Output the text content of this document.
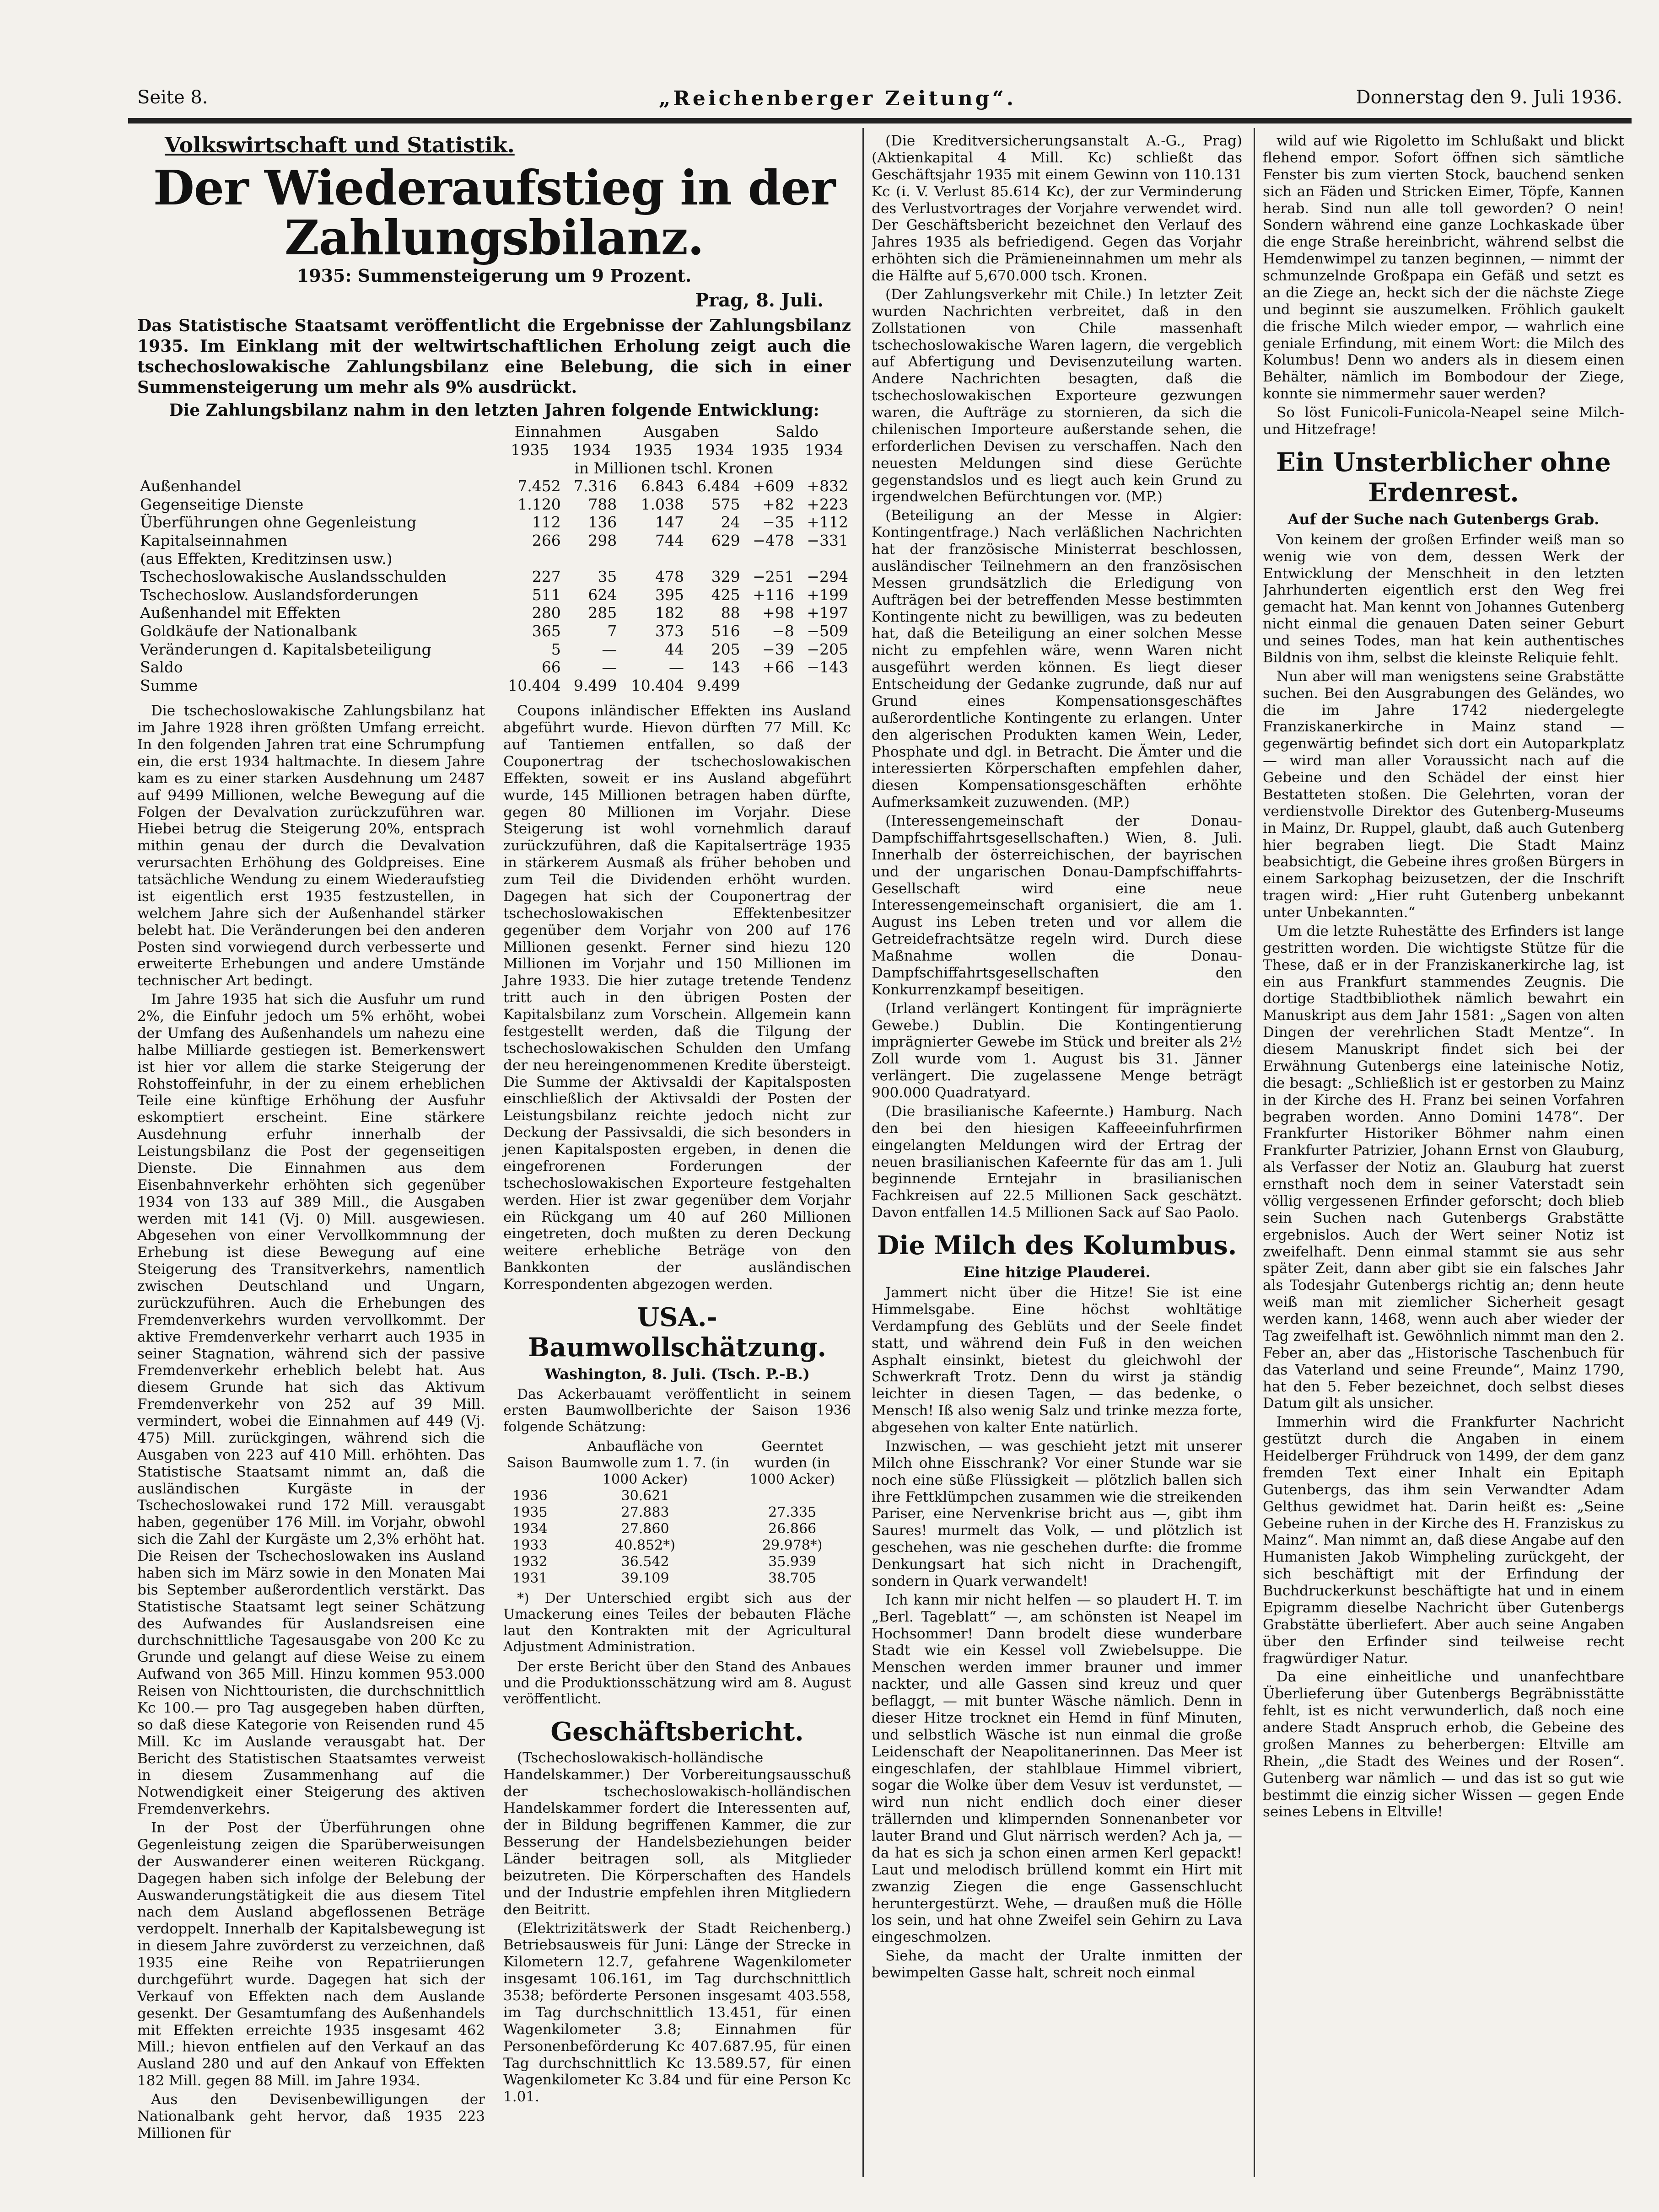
Seite 8.	„Reichenberger Zeitung“.	Donnerstag den 9. Juli 1936.
Volkswirtschaft und Statistik.
Der Wiederaufstieg in der Zahlungsbilanz.
1935: Summensteigerung um 9 Prozent.
Prag, 8. Juli.

Das Statistische Staatsamt veröffentlicht die Ergebnisse der Zahlungsbilanz 1935. Im Einklang mit der weltwirtschaftlichen Erholung zeigt auch die tschechoslowakische Zahlungsbilanz eine Belebung, die sich in einer Summensteigerung um mehr als 9% ausdrückt.

Die Zahlungsbilanz nahm in den letzten Jahren folgende Entwicklung:
	Einnahmen		Ausgaben		Saldo	
	1935	1934	1935	1934	1935	1934
	in Millionen tschl. Kronen					
Außenhandel	7.452	7.316	6.843	6.484	+609	+832
Gegenseitige Dienste	1.120	788	1.038	575	+82	+223
Überführungen ohne Gegenleistung	112	136	147	24	−35	+112
Kapitalseinnahmen	266	298	744	629	−478	−331
(aus Effekten, Kreditzinsen usw.)						
Tschechoslowakische Auslandsschulden	227	35	478	329	−251	−294
Tschechoslow. Auslandsforderungen	511	624	395	425	+116	+199
Außenhandel mit Effekten	280	285	182	88	+98	+197
Goldkäufe der Nationalbank	365	7	373	516	−8	−509
Veränderungen d. Kapitalsbeteiligung	5	—	44	205	−39	−205
Saldo	66	—	—	143	+66	−143
Summe	10.404	9.499	10.404	9.499		

Die tschechoslowakische Zahlungsbilanz hat im Jahre 1928 ihren größten Umfang erreicht. In den folgenden Jahren trat eine Schrumpfung ein, die erst 1934 haltmachte. In diesem Jahre kam es zu einer starken Ausdehnung um 2487 auf 9499 Millionen, welche Bewegung auf die Folgen der Devalvation zurückzuführen war. Hiebei betrug die Steigerung 20%, entsprach mithin genau der durch die Devalvation verursachten Erhöhung des Goldpreises. Eine tatsächliche Wendung zu einem Wiederaufstieg ist eigentlich erst 1935 festzustellen, in welchem Jahre sich der Außenhandel stärker belebt hat. Die Veränderungen bei den anderen Posten sind vorwiegend durch verbesserte und erweiterte Erhebungen und andere Umstände technischer Art bedingt.

Im Jahre 1935 hat sich die Ausfuhr um rund 2%, die Einfuhr jedoch um 5% erhöht, wobei der Umfang des Außenhandels um nahezu eine halbe Milliarde gestiegen ist. Bemerkenswert ist hier vor allem die starke Steigerung der Rohstoffeinfuhr, in der zu einem erheblichen Teile eine künftige Erhöhung der Ausfuhr eskomptiert erscheint. Eine stärkere Ausdehnung erfuhr innerhalb der Leistungsbilanz die Post der gegenseitigen Dienste. Die Einnahmen aus dem Eisenbahnverkehr erhöhten sich gegenüber 1934 von 133 auf 389 Mill., die Ausgaben werden mit 141 (Vj. 0) Mill. ausgewiesen. Abgesehen von einer Vervollkommnung der Erhebung ist diese Bewegung auf eine Steigerung des Transitverkehrs, namentlich zwischen Deutschland und Ungarn, zurückzuführen. Auch die Erhebungen des Fremdenverkehrs wurden vervollkommt. Der aktive Fremdenverkehr verharrt auch 1935 in seiner Stagnation, während sich der passive Fremdenverkehr erheblich belebt hat. Aus diesem Grunde hat sich das Aktivum Fremdenverkehr von 252 auf 39 Mill. vermindert, wobei die Einnahmen auf 449 (Vj. 475) Mill. zurückgingen, während sich die Ausgaben von 223 auf 410 Mill. erhöhten. Das Statistische Staatsamt nimmt an, daß die ausländischen Kurgäste in der Tschechoslowakei rund 172 Mill. verausgabt haben, gegenüber 176 Mill. im Vorjahr, obwohl sich die Zahl der Kurgäste um 2,3% erhöht hat. Die Reisen der Tschechoslowaken ins Ausland haben sich im März sowie in den Monaten Mai bis September außerordentlich verstärkt. Das Statistische Staatsamt legt seiner Schätzung des Aufwandes für Auslandsreisen eine durchschnittliche Tagesausgabe von 200 Kc zu Grunde und gelangt auf diese Weise zu einem Aufwand von 365 Mill. Hinzu kommen 953.000 Reisen von Nichttouristen, die durchschnittlich Kc 100.— pro Tag ausgegeben haben dürften, so daß diese Kategorie von Reisenden rund 45 Mill. Kc im Auslande verausgabt hat. Der Bericht des Statistischen Staatsamtes verweist in diesem Zusammenhang auf die Notwendigkeit einer Steigerung des aktiven Fremdenverkehrs.

In der Post der Überführungen ohne Gegenleistung zeigen die Sparüberweisungen der Auswanderer einen weiteren Rückgang. Dagegen haben sich infolge der Belebung der Auswanderungstätigkeit die aus diesem Titel nach dem Ausland abgeflossenen Beträge verdoppelt. Innerhalb der Kapitalsbewegung ist in diesem Jahre zuvörderst zu verzeichnen, daß 1935 eine Reihe von Repatriierungen durchgeführt wurde. Dagegen hat sich der Verkauf von Effekten nach dem Auslande gesenkt. Der Gesamtumfang des Außenhandels mit Effekten erreichte 1935 insgesamt 462 Mill.; hievon entfielen auf den Verkauf an das Ausland 280 und auf den Ankauf von Effekten 182 Mill. gegen 88 Mill. im Jahre 1934.

Aus den Devisenbewilligungen der Nationalbank geht hervor, daß 1935 223 Millionen für

Coupons inländischer Effekten ins Ausland abgeführt wurde. Hievon dürften 77 Mill. Kc auf Tantiemen entfallen, so daß der Couponertrag der tschechoslowakischen Effekten, soweit er ins Ausland abgeführt wurde, 145 Millionen betragen haben dürfte, gegen 80 Millionen im Vorjahr. Diese Steigerung ist wohl vornehmlich darauf zurückzuführen, daß die Kapitalserträge 1935 in stärkerem Ausmaß als früher behoben und zum Teil die Dividenden erhöht wurden. Dagegen hat sich der Couponertrag der tschechoslowakischen Effektenbesitzer gegenüber dem Vorjahr von 200 auf 176 Millionen gesenkt. Ferner sind hiezu 120 Millionen im Vorjahr und 150 Millionen im Jahre 1933. Die hier zutage tretende Tendenz tritt auch in den übrigen Posten der Kapitalsbilanz zum Vorschein. Allgemein kann festgestellt werden, daß die Tilgung der tschechoslowakischen Schulden den Umfang der neu hereingenommenen Kredite übersteigt. Die Summe der Aktivsaldi der Kapitalsposten einschließlich der Aktivsaldi der Posten der Leistungsbilanz reichte jedoch nicht zur Deckung der Passivsaldi, die sich besonders in jenen Kapitalsposten ergeben, in denen die eingefrorenen Forderungen der tschechoslowakischen Exporteure festgehalten werden. Hier ist zwar gegenüber dem Vorjahr ein Rückgang um 40 auf 260 Millionen eingetreten, doch mußten zu deren Deckung weitere erhebliche Beträge von den Bankkonten der ausländischen Korrespondenten abgezogen werden.

USA.-Baumwollschätzung.
Washington, 8. Juli. (Tsch. P.-B.)

Das Ackerbauamt veröffentlicht in seinem ersten Baumwollberichte der Saison 1936 folgende Schätzung:

Saison	Anbaufläche von Baumwolle zum 1. 7. (in 1000 Acker)	Geerntet wurden (in 1000 Acker)
1936	30.621	
1935	27.883	27.335
1934	27.860	26.866
1933	40.852*)	29.978*)
1932	36.542	35.939
1931	39.109	38.705

*) Der Unterschied ergibt sich aus der Umackerung eines Teiles der bebauten Fläche laut den Kontrakten mit der Agricultural Adjustment Administration.

Der erste Bericht über den Stand des Anbaues und die Produktionsschätzung wird am 8. August veröffentlicht.

Geschäftsbericht.

(Tschechoslowakisch-holländische Handelskammer.) Der Vorbereitungsausschuß der tschechoslowakisch-holländischen Handelskammer fordert die Interessenten auf, der in Bildung begriffenen Kammer, die zur Besserung der Handelsbeziehungen beider Länder beitragen soll, als Mitglieder beizutreten. Die Körperschaften des Handels und der Industrie empfehlen ihren Mitgliedern den Beitritt.

(Elektrizitätswerk der Stadt Reichenberg.) Betriebsausweis für Juni: Länge der Strecke in Kilometern 12.7, gefahrene Wagenkilometer insgesamt 106.161, im Tag durchschnittlich 3538; beförderte Personen insgesamt 403.558, im Tag durchschnittlich 13.451, für einen Wagenkilometer 3.8; Einnahmen für Personenbeförderung Kc 407.687.95, für einen Tag durchschnittlich Kc 13.589.57, für einen Wagenkilometer Kc 3.84 und für eine Person Kc 1.01.

(Die Kreditversicherungsanstalt A.-G., Prag) (Aktienkapital 4 Mill. Kc) schließt das Geschäftsjahr 1935 mit einem Gewinn von 110.131 Kc (i. V. Verlust 85.614 Kc), der zur Verminderung des Verlustvortrages der Vorjahre verwendet wird. Der Geschäftsbericht bezeichnet den Verlauf des Jahres 1935 als befriedigend. Gegen das Vorjahr erhöhten sich die Prämieneinnahmen um mehr als die Hälfte auf 5,670.000 tsch. Kronen.

(Der Zahlungsverkehr mit Chile.) In letzter Zeit wurden Nachrichten verbreitet, daß in den Zollstationen von Chile massenhaft tschechoslowakische Waren lagern, die vergeblich auf Abfertigung und Devisenzuteilung warten. Andere Nachrichten besagten, daß die tschechoslowakischen Exporteure gezwungen waren, die Aufträge zu stornieren, da sich die chilenischen Importeure außerstande sehen, die erforderlichen Devisen zu verschaffen. Nach den neuesten Meldungen sind diese Gerüchte gegenstandslos und es liegt auch kein Grund zu irgendwelchen Befürchtungen vor. (MP.)

(Beteiligung an der Messe in Algier: Kontingentfrage.) Nach verläßlichen Nachrichten hat der französische Ministerrat beschlossen, ausländischer Teilnehmern an den französischen Messen grundsätzlich die Erledigung von Aufträgen bei der betreffenden Messe bestimmten Kontingente nicht zu bewilligen, was zu bedeuten hat, daß die Beteiligung an einer solchen Messe nicht zu empfehlen wäre, wenn Waren nicht ausgeführt werden können. Es liegt dieser Entscheidung der Gedanke zugrunde, daß nur auf Grund eines Kompensationsgeschäftes außerordentliche Kontingente zu erlangen. Unter den algerischen Produkten kamen Wein, Leder, Phosphate und dgl. in Betracht. Die Ämter und die interessierten Körperschaften empfehlen daher, diesen Kompensationsgeschäften erhöhte Aufmerksamkeit zuzuwenden. (MP.)

(Interessengemeinschaft der Donau-Dampfschiffahrtsgesellschaften.) Wien, 8. Juli. Innerhalb der österreichischen, der bayrischen und der ungarischen Donau-Dampfschiffahrts-Gesellschaft wird eine neue Interessengemeinschaft organisiert, die am 1. August ins Leben treten und vor allem die Getreidefrachtsätze regeln wird. Durch diese Maßnahme wollen die Donau-Dampfschiffahrtsgesellschaften den Konkurrenzkampf beseitigen.

(Irland verlängert Kontingent für imprägnierte Gewebe.) Dublin. Die Kontingentierung imprägnierter Gewebe im Stück und breiter als 2½ Zoll wurde vom 1. August bis 31. Jänner verlängert. Die zugelassene Menge beträgt 900.000 Quadratyard.

(Die brasilianische Kafeernte.) Hamburg. Nach den bei den hiesigen Kaffeeeinfuhrfirmen eingelangten Meldungen wird der Ertrag der neuen brasilianischen Kafeernte für das am 1. Juli beginnende Erntejahr in brasilianischen Fachkreisen auf 22.5 Millionen Sack geschätzt. Davon entfallen 14.5 Millionen Sack auf Sao Paolo.

Die Milch des Kolumbus.
Eine hitzige Plauderei.

Jammert nicht über die Hitze! Sie ist eine Himmelsgabe. Eine höchst wohltätige Verdampfung des Geblüts und der Seele findet statt, und während dein Fuß in den weichen Asphalt einsinkt, bietest du gleichwohl der Schwerkraft Trotz. Denn du wirst ja ständig leichter in diesen Tagen, — das bedenke, o Mensch! Iß also wenig Salz und trinke mezza forte, abgesehen von kalter Ente natürlich.

Inzwischen, — was geschieht jetzt mit unserer Milch ohne Eisschrank? Vor einer Stunde war sie noch eine süße Flüssigkeit — plötzlich ballen sich ihre Fettklümpchen zusammen wie die streikenden Pariser, eine Nervenkrise bricht aus —, gibt ihm Saures! murmelt das Volk, — und plötzlich ist geschehen, was nie geschehen durfte: die fromme Denkungsart hat sich nicht in Drachengift, sondern in Quark verwandelt!

Ich kann mir nicht helfen — so plaudert H. T. im „Berl. Tageblatt“ —, am schönsten ist Neapel im Hochsommer! Dann brodelt diese wunderbare Stadt wie ein Kessel voll Zwiebelsuppe. Die Menschen werden immer brauner und immer nackter, und alle Gassen sind kreuz und quer beflaggt, — mit bunter Wäsche nämlich. Denn in dieser Hitze trocknet ein Hemd in fünf Minuten, und selbstlich Wäsche ist nun einmal die große Leidenschaft der Neapolitanerinnen. Das Meer ist eingeschlafen, der stahlblaue Himmel vibriert, sogar die Wolke über dem Vesuv ist verdunstet, — wird nun nicht endlich doch einer dieser trällernden und klimpernden Sonnenanbeter vor lauter Brand und Glut närrisch werden? Ach ja, — da hat es sich ja schon einen armen Kerl gepackt! Laut und melodisch brüllend kommt ein Hirt mit zwanzig Ziegen die enge Gassenschlucht heruntergestürzt. Wehe, — draußen muß die Hölle los sein, und hat ohne Zweifel sein Gehirn zu Lava eingeschmolzen.

Siehe, da macht der Uralte inmitten der bewimpelten Gasse halt, schreit noch einmal

wild auf wie Rigoletto im Schlußakt und blickt flehend empor. Sofort öffnen sich sämtliche Fenster bis zum vierten Stock, bauchend senken sich an Fäden und Stricken Eimer, Töpfe, Kannen herab. Sind nun alle toll geworden? O nein! Sondern während eine ganze Lochkaskade über die enge Straße hereinbricht, während selbst die Hemdenwimpel zu tanzen beginnen, — nimmt der schmunzelnde Großpapa ein Gefäß und setzt es an die Ziege an, heckt sich der die nächste Ziege und beginnt sie auszumelken. Fröhlich gaukelt die frische Milch wieder empor, — wahrlich eine geniale Erfindung, mit einem Wort: die Milch des Kolumbus! Denn wo anders als in diesem einen Behälter, nämlich im Bombodour der Ziege, konnte sie nimmermehr sauer werden?

So löst Funicoli-Funicola-Neapel seine Milch- und Hitzefrage!

Ein Unsterblicher ohne Erdenrest.
Auf der Suche nach Gutenbergs Grab.

Von keinem der großen Erfinder weiß man so wenig wie von dem, dessen Werk der Entwicklung der Menschheit in den letzten Jahrhunderten eigentlich erst den Weg frei gemacht hat. Man kennt von Johannes Gutenberg nicht einmal die genauen Daten seiner Geburt und seines Todes, man hat kein authentisches Bildnis von ihm, selbst die kleinste Reliquie fehlt.

Nun aber will man wenigstens seine Grabstätte suchen. Bei den Ausgrabungen des Geländes, wo die im Jahre 1742 niedergelegte Franziskanerkirche in Mainz stand — gegenwärtig befindet sich dort ein Autoparkplatz — wird man aller Voraussicht nach auf die Gebeine und den Schädel der einst hier Bestatteten stoßen. Die Gelehrten, voran der verdienstvolle Direktor des Gutenberg-Museums in Mainz, Dr. Ruppel, glaubt, daß auch Gutenberg hier begraben liegt. Die Stadt Mainz beabsichtigt, die Gebeine ihres großen Bürgers in einem Sarkophag beizusetzen, der die Inschrift tragen wird: „Hier ruht Gutenberg unbekannt unter Unbekannten.“

Um die letzte Ruhestätte des Erfinders ist lange gestritten worden. Die wichtigste Stütze für die These, daß er in der Franziskanerkirche lag, ist ein aus Frankfurt stammendes Zeugnis. Die dortige Stadtbibliothek nämlich bewahrt ein Manuskript aus dem Jahr 1581: „Sagen von alten Dingen der verehrlichen Stadt Mentze“. In diesem Manuskript findet sich bei der Erwähnung Gutenbergs eine lateinische Notiz, die besagt: „Schließlich ist er gestorben zu Mainz in der Kirche des H. Franz bei seinen Vorfahren begraben worden. Anno Domini 1478“. Der Frankfurter Historiker Böhmer nahm einen Frankfurter Patrizier, Johann Ernst von Glauburg, als Verfasser der Notiz an. Glauburg hat zuerst ernsthaft noch dem in seiner Vaterstadt sein völlig vergessenen Erfinder geforscht; doch blieb sein Suchen nach Gutenbergs Grabstätte ergebnislos. Auch der Wert seiner Notiz ist zweifelhaft. Denn einmal stammt sie aus sehr später Zeit, dann aber gibt sie ein falsches Jahr als Todesjahr Gutenbergs richtig an; denn heute weiß man mit ziemlicher Sicherheit gesagt werden kann, 1468, wenn auch aber wieder der Tag zweifelhaft ist. Gewöhnlich nimmt man den 2. Feber an, aber das „Historische Taschenbuch für das Vaterland und seine Freunde“, Mainz 1790, hat den 5. Feber bezeichnet, doch selbst dieses Datum gilt als unsicher.

Immerhin wird die Frankfurter Nachricht gestützt durch die Angaben in einem Heidelberger Frühdruck von 1499, der dem ganz fremden Text einer Inhalt ein Epitaph Gutenbergs, das ihm sein Verwandter Adam Gelthus gewidmet hat. Darin heißt es: „Seine Gebeine ruhen in der Kirche des H. Franziskus zu Mainz“. Man nimmt an, daß diese Angabe auf den Humanisten Jakob Wimpheling zurückgeht, der sich beschäftigt mit der Erfindung der Buchdruckerkunst beschäftigte hat und in einem Epigramm dieselbe Nachricht über Gutenbergs Grabstätte überliefert. Aber auch seine Angaben über den Erfinder sind teilweise recht fragwürdiger Natur.

Da eine einheitliche und unanfechtbare Überlieferung über Gutenbergs Begräbnisstätte fehlt, ist es nicht verwunderlich, daß noch eine andere Stadt Anspruch erhob, die Gebeine des großen Mannes zu beherbergen: Eltville am Rhein, „die Stadt des Weines und der Rosen“. Gutenberg war nämlich — und das ist so gut wie bestimmt die einzig sicher Wissen — gegen Ende seines Lebens in Eltville!
